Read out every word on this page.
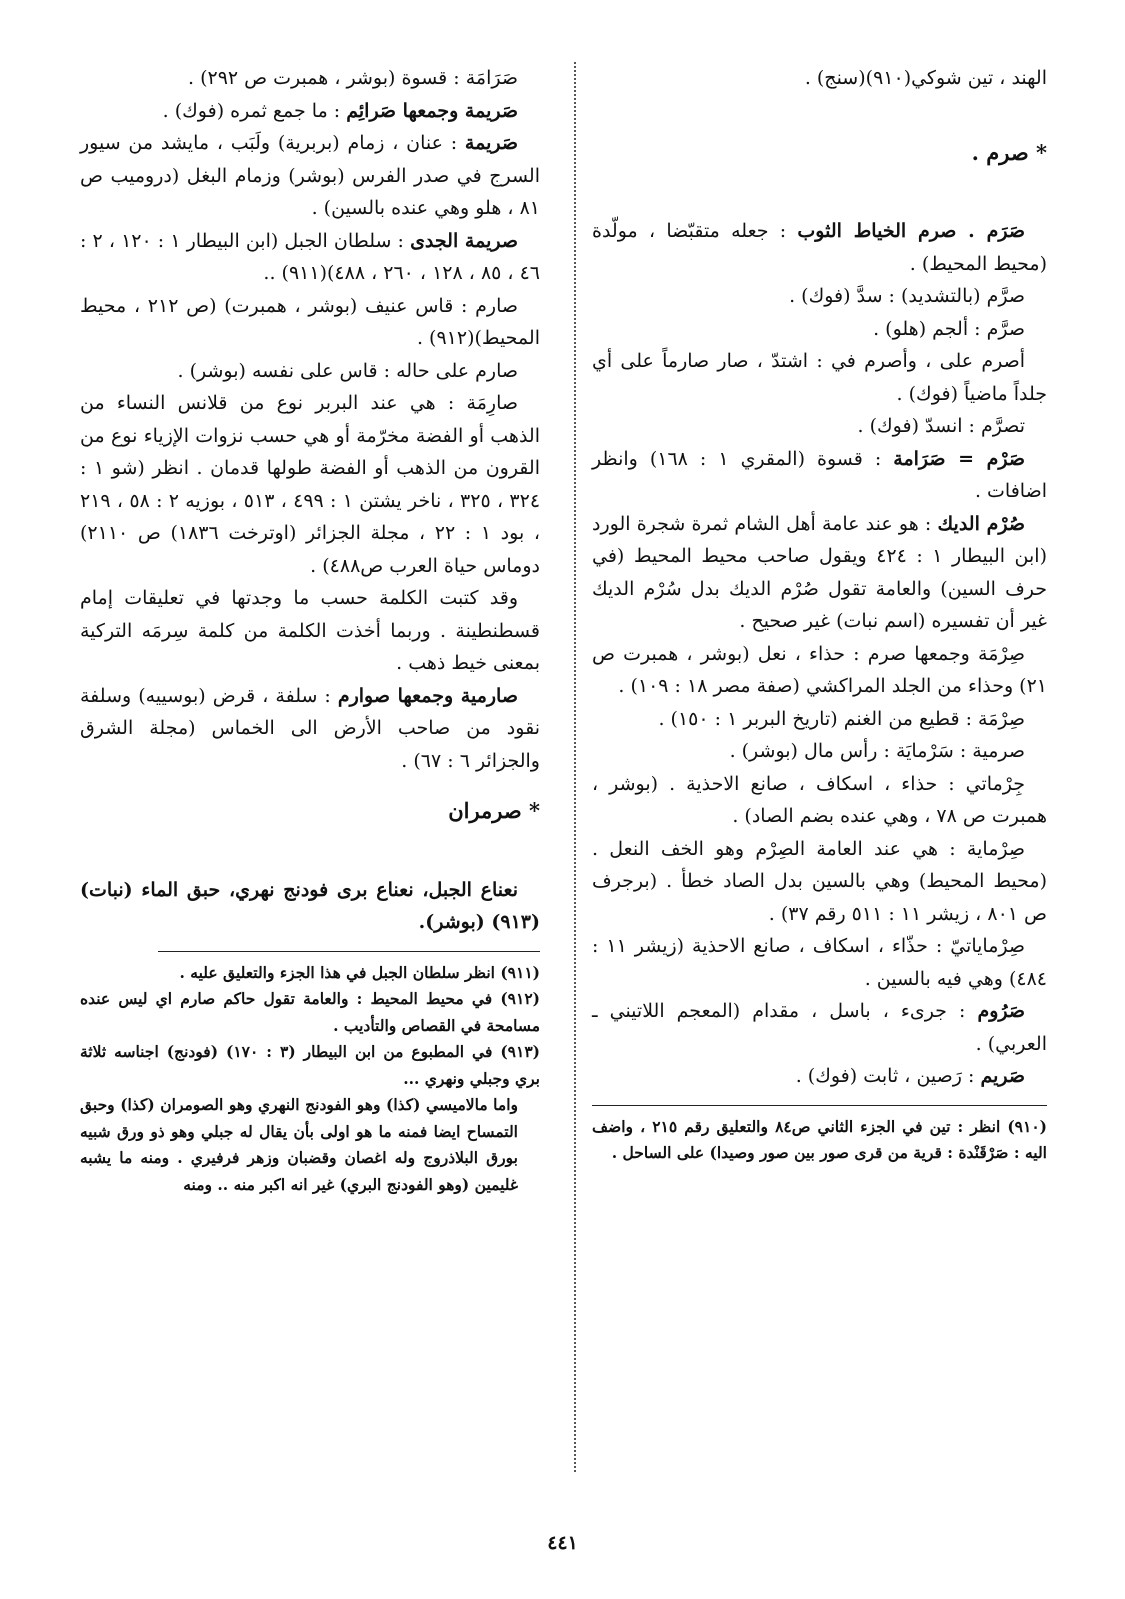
الهند ، تين شوكي(٩١٠)(سنج) .

* صرم .

صَرَم . صرم الخياط الثوب : جعله متقبّضا ، مولّدة (محيط المحيط) .

صرَّم (بالتشديد) : سدَّ (فوك) .

صرَّم : ألجم (هلو) .

أصرم على ، وأصرم في : اشتدّ ، صار صارماً على أي جلداً ماضياً (فوك) .

تصرَّم : انسدّ (فوك) .

صَرْم = صَرَامة : قسوة (المقري ١ : ١٦٨) وانظر اضافات .

صُرْم الديك : هو عند عامة أهل الشام ثمرة شجرة الورد (ابن البيطار ١ : ٤٢٤ ويقول صاحب محيط المحيط (في حرف السين) والعامة تقول صُرْم الديك بدل سُرْم الديك غير أن تفسيره (اسم نبات) غير صحيح .

صِرْمَة وجمعها صرم : حذاء ، نعل (بوشر ، همبرت ص ٢١) وحذاء من الجلد المراكشي (صفة مصر ١٨ : ١٠٩) .

صِرْمَة : قطيع من الغنم (تاريخ البربر ١ : ١٥٠) .

صرمية : سَرْمايَة : رأس مال (بوشر) .

جِرْماتي : حذاء ، اسكاف ، صانع الاحذية . (بوشر ، همبرت ص ٧٨ ، وهي عنده بضم الصاد) .

صِرْماية : هي عند العامة الصِرْم وهو الخف النعل . (محيط المحيط) وهي بالسين بدل الصاد خطأ . (برجرف ص ٨٠١ ، زيشر ١١ : ٥١١ رقم ٣٧) .

صِرْماياتيّ : حذّاء ، اسكاف ، صانع الاحذية (زيشر ١١ : ٤٨٤) وهي فيه بالسين .

صَرُوم : جرىء ، باسل ، مقدام (المعجم اللاتيني ـ العربي) .

صَريم : رَصين ، ثابت (فوك) .

(٩١٠) انظر : تين في الجزء الثاني ص٨٤ والتعليق رقم ٢١٥ ، واضف اليه : صَرْقَنْدة : قرية من قرى صور بين صور وصيدا) على الساحل .

صَرَامَة : قسوة (بوشر ، همبرت ص ٢٩٢) .

صَريمة وجمعها صَرائِم : ما جمع ثمره (فوك) .

صَريمة : عنان ، زمام (بربرية) ولَبَب ، مايشد من سيور السرج في صدر الفرس (بوشر) وزمام البغل (دروميب ص ٨١ ، هلو وهي عنده بالسين) .

صريمة الجدى : سلطان الجبل (ابن البيطار ١ : ١٢٠ ، ٢ : ٤٦ ، ٨٥ ، ١٢٨ ، ٢٦٠ ، ٤٨٨)(٩١١) ..

صارم : قاس عنيف (بوشر ، همبرت) (ص ٢١٢ ، محيط المحيط)(٩١٢) .

صارم على حاله : قاس على نفسه (بوشر) .

صارِمَة : هي عند البربر نوع من قلانس النساء من الذهب أو الفضة مخرّمة أو هي حسب نزوات الإزياء نوع من القرون من الذهب أو الفضة طولها قدمان . انظر (شو ١ : ٣٢٤ ، ٣٢٥ ، ناخر يشتن ١ : ٤٩٩ ، ٥١٣ ، بوزيه ٢ : ٥٨ ، ٢١٩ ، بود ١ : ٢٢ ، مجلة الجزائر (اوترخت ١٨٣٦) ص ٢١١٠) دوماس حياة العرب ص٤٨٨) .

وقد كتبت الكلمة حسب ما وجدتها في تعليقات إمام قسطنطينة . وربما أخذت الكلمة من كلمة سِرمَه التركية بمعنى خيط ذهب .

صارمية وجمعها صوارم : سلفة ، قرض (بوسييه) وسلفة نقود من صاحب الأرض الى الخماس (مجلة الشرق والجزائر ٦ : ٦٧) .

* صرمران

نعناع الجبل، نعناع برى فودنج نهري، حبق الماء (نبات)(٩١٣) (بوشر).

(٩١١) انظر سلطان الجبل في هذا الجزء والتعليق عليه .

(٩١٢) في محيط المحيط : والعامة تقول حاكم صارم اي ليس عنده مسامحة في القصاص والتأديب .

(٩١٣) في المطبوع من ابن البيطار (٣ : ١٧٠) (فودنج) اجناسه ثلاثة بري وجبلي ونهري ...

واما مالاميسي (كذا) وهو الفودنج النهري وهو الصومران (كذا) وحبق التمساح ايضا فمنه ما هو اولى بأن يقال له جبلي وهو ذو ورق شبيه بورق البلاذروج وله اغصان وقضبان وزهر فرفيري . ومنه ما يشبه غليمين (وهو الفودنج البري) غير انه اكبر منه .. ومنه

٤٤١
